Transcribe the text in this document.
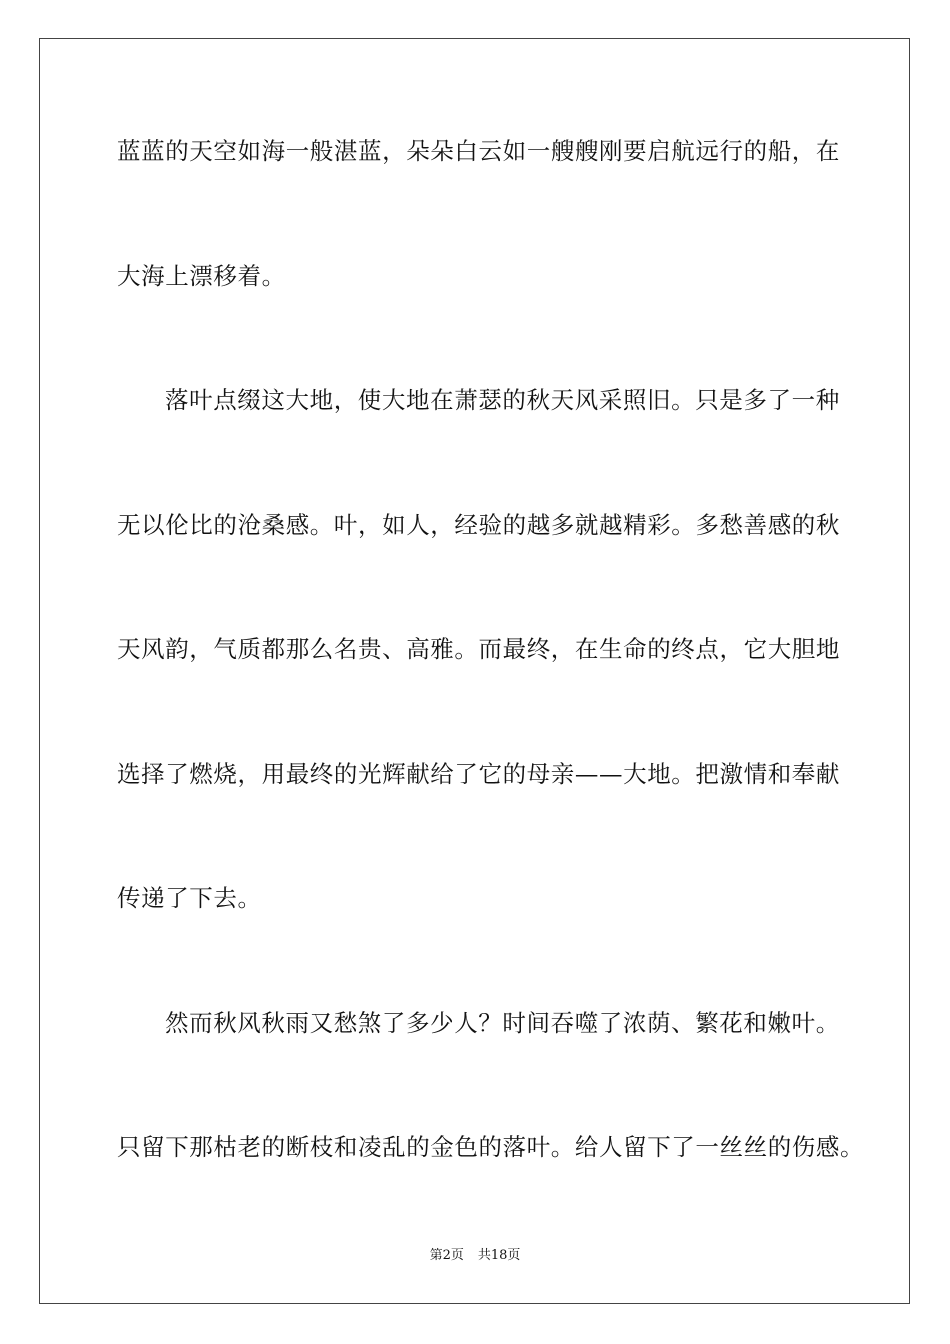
蓝蓝的天空如海一般湛蓝，朵朵白云如一艘艘刚要启航远行的船，在
大海上漂移着。
落叶点缀这大地，使大地在萧瑟的秋天风采照旧。只是多了一种
无以伦比的沧桑感。叶，如人，经验的越多就越精彩。多愁善感的秋
天风韵，气质都那么名贵、高雅。而最终，在生命的终点，它大胆地
选择了燃烧，用最终的光辉献给了它的母亲——大地。把激情和奉献
传递了下去。
然而秋风秋雨又愁煞了多少人？时间吞噬了浓荫、繁花和嫩叶。
只留下那枯老的断枝和凌乱的金色的落叶。给人留下了一丝丝的伤感。
第2页 共18页
